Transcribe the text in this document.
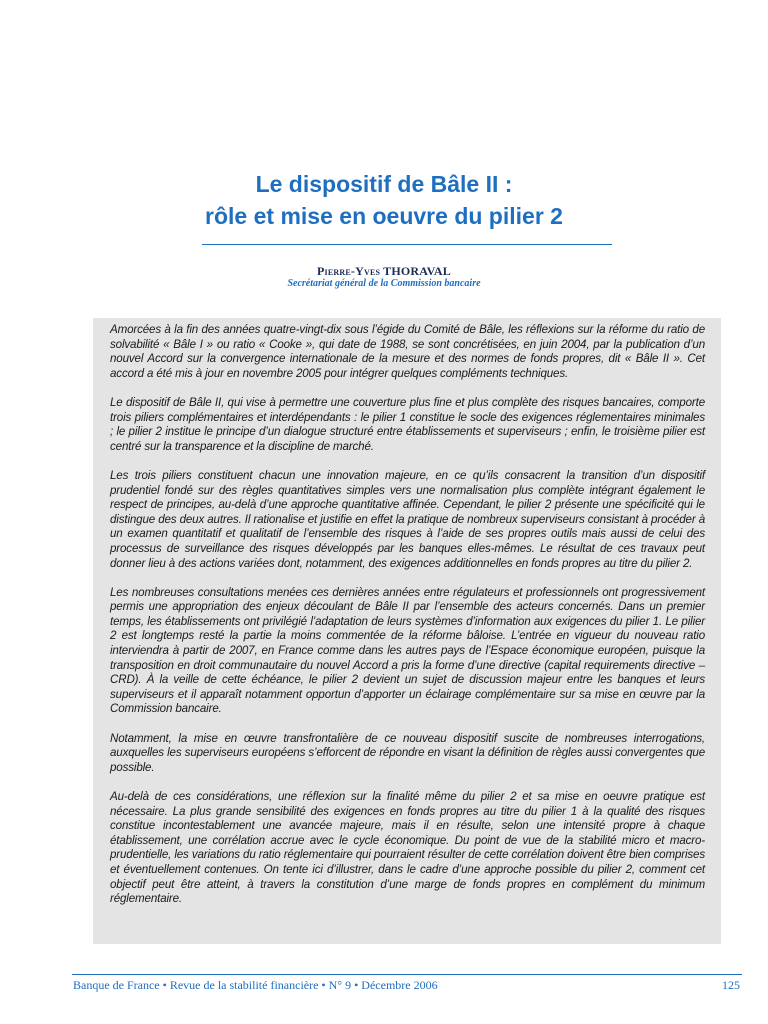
Le dispositif de Bâle II :
rôle et mise en oeuvre du pilier 2
Pierre-Yves THORAVAL
Secrétariat général de la Commission bancaire

Amorcées à la fin des années quatre-vingt-dix sous l’égide du Comité de Bâle, les réflexions sur la réforme du ratio de solvabilité « Bâle I » ou ratio « Cooke », qui date de 1988, se sont concrétisées, en juin 2004, par la publication d’un nouvel Accord sur la convergence internationale de la mesure et des normes de fonds propres, dit « Bâle II ». Cet accord a été mis à jour en novembre 2005 pour intégrer quelques compléments techniques.

Le dispositif de Bâle II, qui vise à permettre une couverture plus fine et plus complète des risques bancaires, comporte trois piliers complémentaires et interdépendants : le pilier 1 constitue le socle des exigences réglementaires minimales ; le pilier 2 institue le principe d’un dialogue structuré entre établissements et superviseurs ; enfin, le troisième pilier est centré sur la transparence et la discipline de marché.

Les trois piliers constituent chacun une innovation majeure, en ce qu’ils consacrent la transition d’un dispositif prudentiel fondé sur des règles quantitatives simples vers une normalisation plus complète intégrant également le respect de principes, au-delà d’une approche quantitative affinée. Cependant, le pilier 2 présente une spécificité qui le distingue des deux autres. Il rationalise et justifie en effet la pratique de nombreux superviseurs consistant à procéder à un examen quantitatif et qualitatif de l’ensemble des risques à l’aide de ses propres outils mais aussi de celui des processus de surveillance des risques développés par les banques elles-mêmes. Le résultat de ces travaux peut donner lieu à des actions variées dont, notamment, des exigences additionnelles en fonds propres au titre du pilier 2.

Les nombreuses consultations menées ces dernières années entre régulateurs et professionnels ont progressivement permis une appropriation des enjeux découlant de Bâle II par l’ensemble des acteurs concernés. Dans un premier temps, les établissements ont privilégié l’adaptation de leurs systèmes d’information aux exigences du pilier 1. Le pilier 2 est longtemps resté la partie la moins commentée de la réforme bâloise. L’entrée en vigueur du nouveau ratio interviendra à partir de 2007, en France comme dans les autres pays de l’Espace économique européen, puisque la transposition en droit communautaire du nouvel Accord a pris la forme d’une directive (capital requirements directive – CRD). À la veille de cette échéance, le pilier 2 devient un sujet de discussion majeur entre les banques et leurs superviseurs et il apparaît notamment opportun d’apporter un éclairage complémentaire sur sa mise en œuvre par la Commission bancaire.

Notamment, la mise en œuvre transfrontalière de ce nouveau dispositif suscite de nombreuses interrogations, auxquelles les superviseurs européens s’efforcent de répondre en visant la définition de règles aussi convergentes que possible.

Au-delà de ces considérations, une réflexion sur la finalité même du pilier 2 et sa mise en oeuvre pratique est nécessaire. La plus grande sensibilité des exigences en fonds propres au titre du pilier 1 à la qualité des risques constitue incontestablement une avancée majeure, mais il en résulte, selon une intensité propre à chaque établissement, une corrélation accrue avec le cycle économique. Du point de vue de la stabilité micro et macro-prudentielle, les variations du ratio réglementaire qui pourraient résulter de cette corrélation doivent être bien comprises et éventuellement contenues. On tente ici d’illustrer, dans le cadre d’une approche possible du pilier 2, comment cet objectif peut être atteint, à travers la constitution d’une marge de fonds propres en complément du minimum réglementaire.

Banque de France • Revue de la stabilité financière • N° 9 • Décembre 2006	125
